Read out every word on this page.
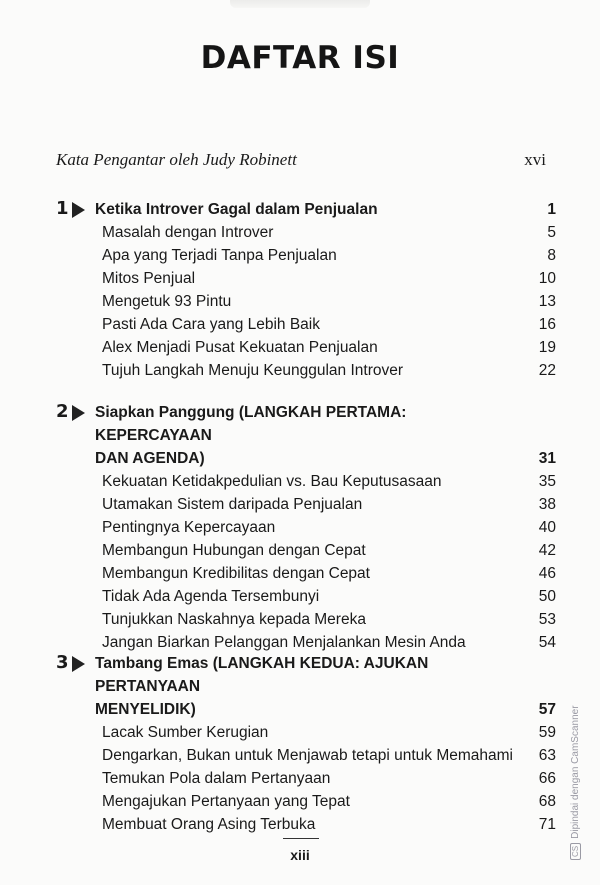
DAFTAR ISI
Kata Pengantar oleh Judy Robinett	xvi
1 Ketika Introver Gagal dalam Penjualan	1
Masalah dengan Introver	5
Apa yang Terjadi Tanpa Penjualan	8
Mitos Penjual	10
Mengetuk 93 Pintu	13
Pasti Ada Cara yang Lebih Baik	16
Alex Menjadi Pusat Kekuatan Penjualan	19
Tujuh Langkah Menuju Keunggulan Introver	22
2 Siapkan Panggung (LANGKAH PERTAMA: KEPERCAYAAN
DAN AGENDA)	31
Kekuatan Ketidakpedulian vs. Bau Keputusasaan	35
Utamakan Sistem daripada Penjualan	38
Pentingnya Kepercayaan	40
Membangun Hubungan dengan Cepat	42
Membangun Kredibilitas dengan Cepat	46
Tidak Ada Agenda Tersembunyi	50
Tunjukkan Naskahnya kepada Mereka	53
Jangan Biarkan Pelanggan Menjalankan Mesin Anda	54
3 Tambang Emas (LANGKAH KEDUA: AJUKAN PERTANYAAN
MENYELIDIK)	57
Lacak Sumber Kerugian	59
Dengarkan, Bukan untuk Menjawab tetapi untuk Memahami	63
Temukan Pola dalam Pertanyaan	66
Mengajukan Pertanyaan yang Tepat	68
Membuat Orang Asing Terbuka	71
xiii	CSDipindai dengan CamScanner
